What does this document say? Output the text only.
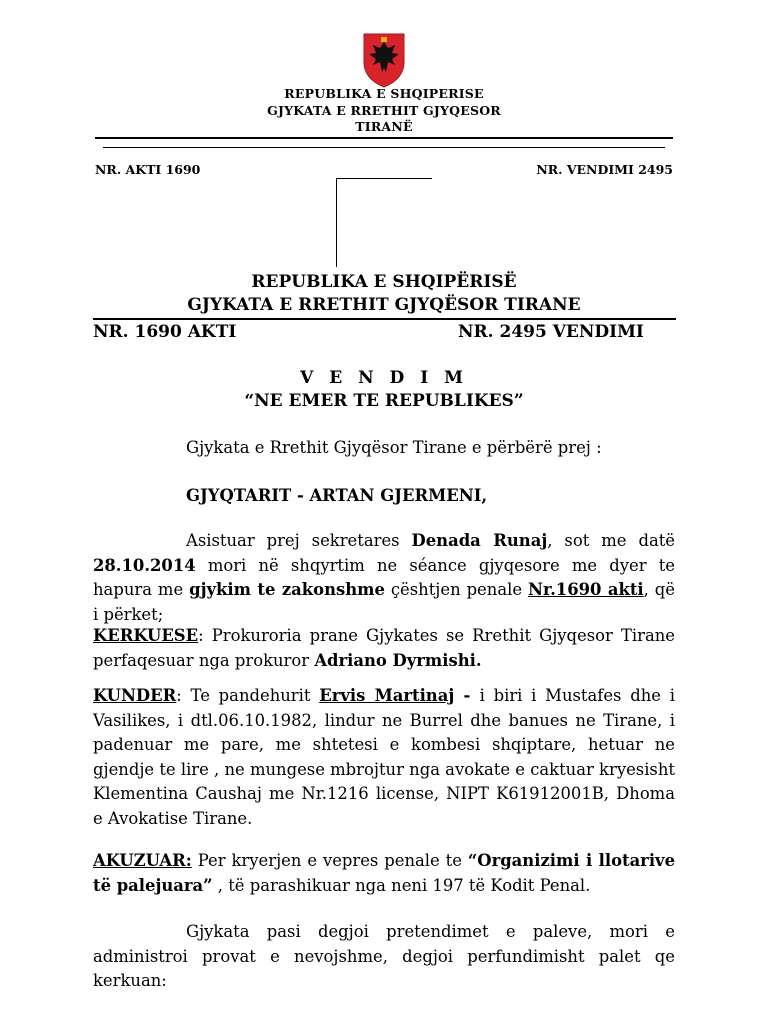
REPUBLIKA E SHQIPERISE
GJYKATA E RRETHIT GJYQESOR
TIRANË
NR. AKTI 1690	NR. VENDIMI 2495
REPUBLIKA E SHQIPËRISË
GJYKATA E RRETHIT GJYQËSOR TIRANE
NR. 1690 AKTI	NR. 2495 VENDIMI
V E N D I M
“NE EMER TE REPUBLIKES”
Gjykata e Rrethit Gjyqësor Tirane e përbërë prej :
GJYQTARIT - ARTAN GJERMENI,
Asistuar prej sekretares Denada Runaj, sot me datë 28.10.2014 mori në shqyrtim ne séance gjyqesore me dyer te hapura me gjykim te zakonshme çështjen penale Nr.1690 akti, që i përket;
KERKUESE: Prokuroria prane Gjykates se Rrethit Gjyqesor Tirane perfaqesuar nga prokuror Adriano Dyrmishi.
KUNDER: Te pandehurit Ervis Martinaj - i biri i Mustafes dhe i Vasilikes, i dtl.06.10.1982, lindur ne Burrel dhe banues ne Tirane, i padenuar me pare, me shtetesi e kombesi shqiptare, hetuar ne gjendje te lire , ne mungese mbrojtur nga avokate e caktuar kryesisht Klementina Caushaj me Nr.1216 license, NIPT K61912001B, Dhoma e Avokatise Tirane.
AKUZUAR: Per kryerjen e vepres penale te “Organizimi i llotarive të palejuara” , të parashikuar nga neni 197 të Kodit Penal.
Gjykata pasi degjoi pretendimet e paleve, mori e administroi provat e nevojshme, degjoi perfundimisht palet qe kerkuan:
